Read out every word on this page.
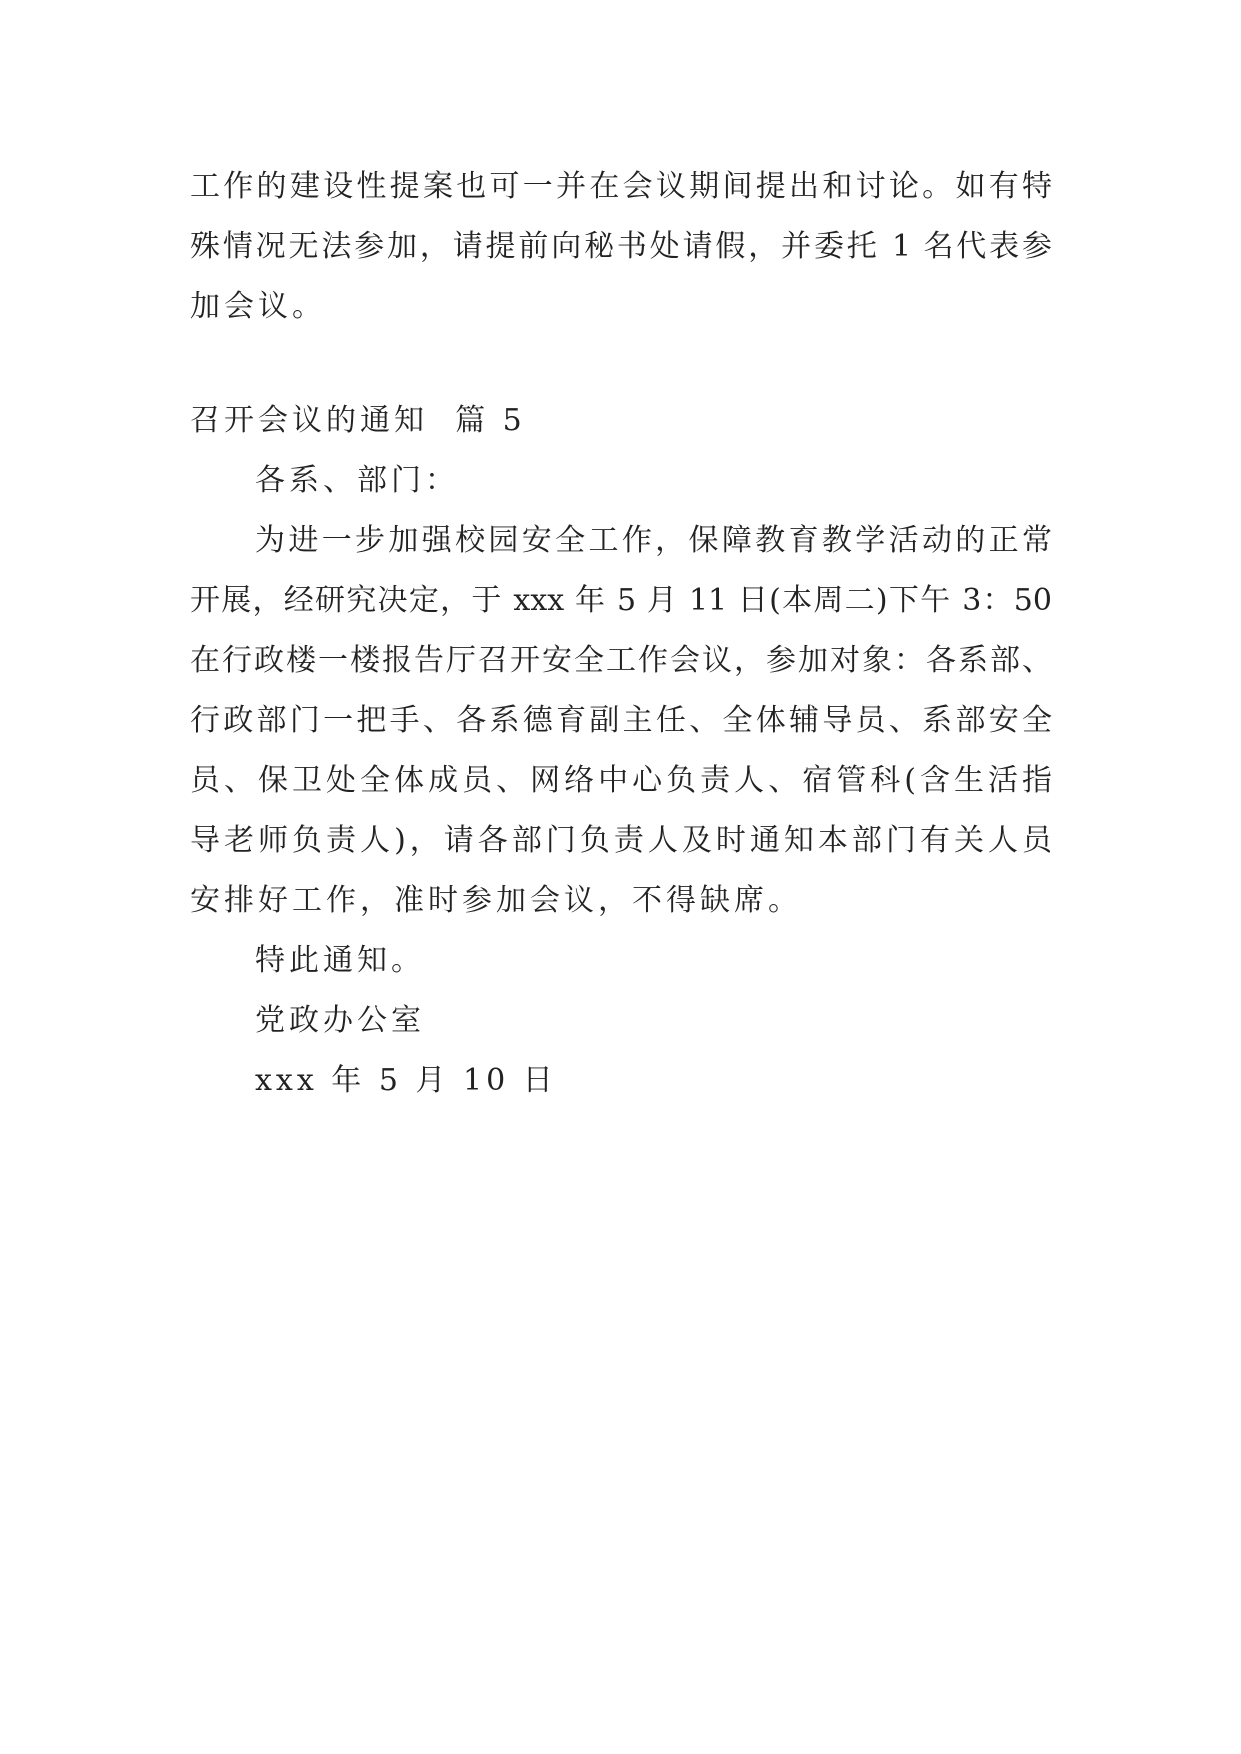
工作的建设性提案也可一并在会议期间提出和讨论。如有特
殊情况无法参加，请提前向秘书处请假，并委托 1 名代表参
加会议。
召开会议的通知  篇 5
各系、部门：
为进一步加强校园安全工作，保障教育教学活动的正常
开展，经研究决定，于 xxx 年 5 月 11 日(本周二)下午 3：50
在行政楼一楼报告厅召开安全工作会议，参加对象：各系部、
行政部门一把手、各系德育副主任、全体辅导员、系部安全
员、保卫处全体成员、网络中心负责人、宿管科(含生活指
导老师负责人)，请各部门负责人及时通知本部门有关人员
安排好工作，准时参加会议，不得缺席。
特此通知。
党政办公室
xxx 年 5 月 10 日
